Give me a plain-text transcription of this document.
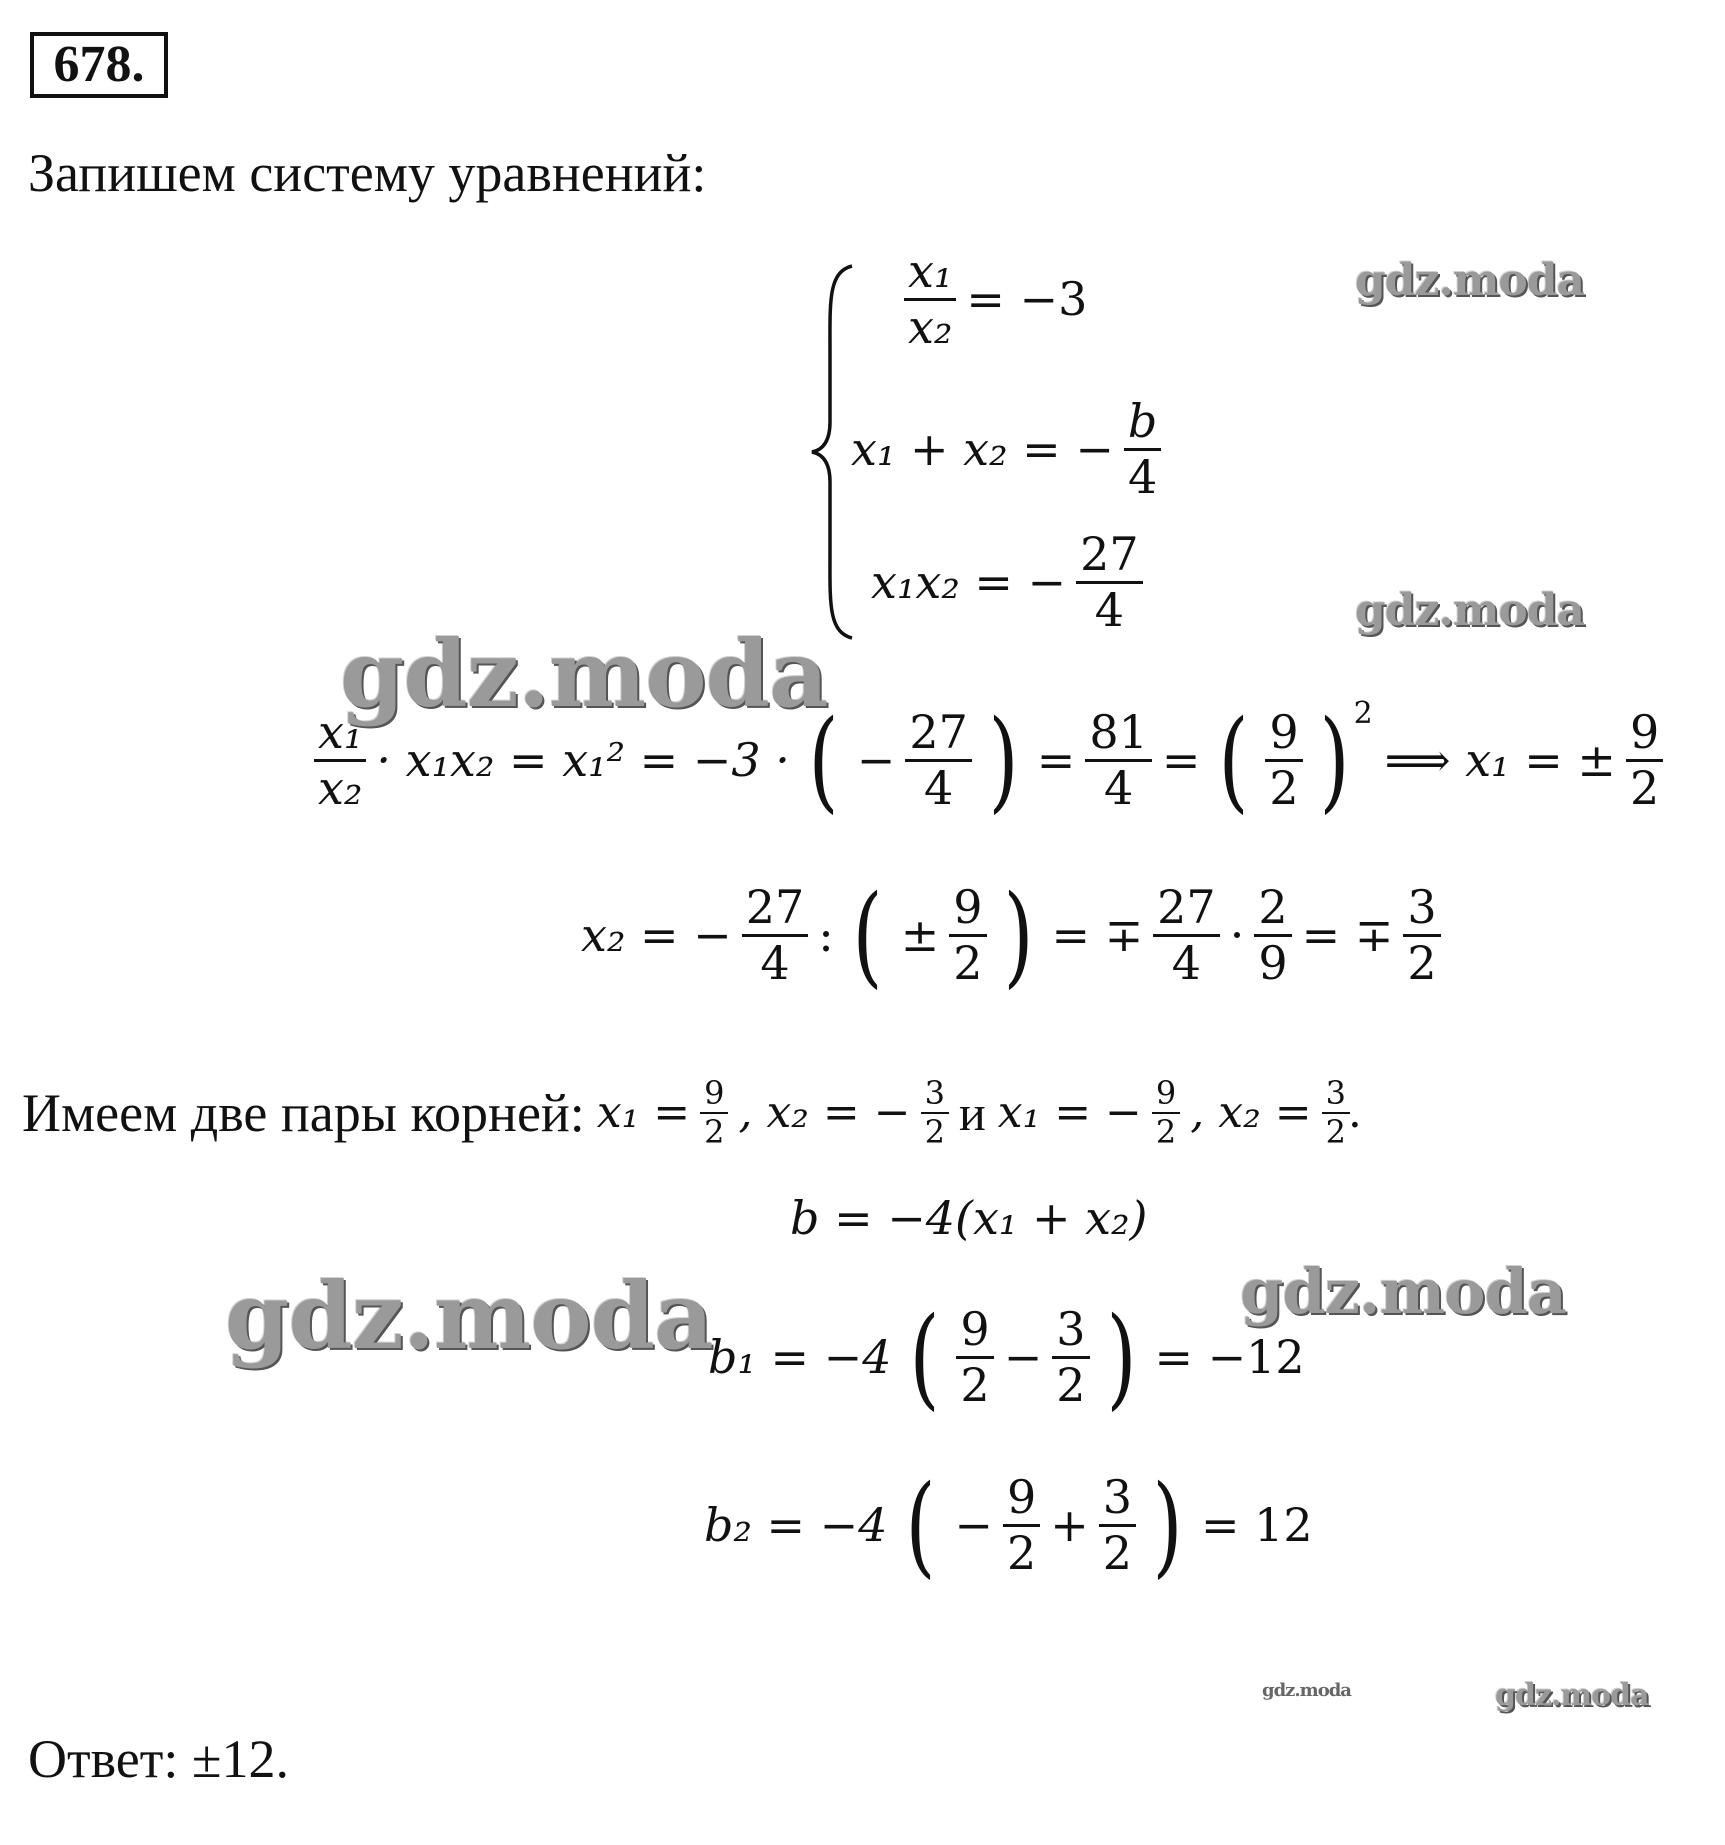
678.
Запишем систему уравнений:
$\frac{\text{x₁}}{\text{x₂}} = -3$
x₁ + x₂ = − $\frac{b}{4}$
x₁x₂ = − $\frac{27}{4}$
$\frac{\text{x₁}}{\text{x₂}} \cdot x_1x_2 = x_1^2 = -3$ · ( − $\frac{27}{4}$ ) = $\frac{81}{4}$ = ( $\frac{9}{2}$ ) 2
⟹ x₁ = ± $\frac{9}{2}$
x₂ = − $\frac{27}{4}$ : ( ± $\frac{9}{2}$ ) = ∓ $\frac{27}{4} \cdot \frac{2}{9}$ = ∓ $\frac{3}{2}$
Имеем две пары корней: $x_1 = \frac{9}{2}$ , x₂ = − $\frac{3}{2}$ и x₁ = − $\frac{9}{2}$ , $x_2 = \frac{3}{2}$
.
b = −4(x₁ + x₂)
b₁ = −4 ( $\frac{9}{2} - \frac{3}{2}$ ) = −12
b₂ = −4 ( − $\frac{9}{2} + \frac{3}{2}$ ) = 12
Ответ: ±12.
gdz.moda
gdz.moda
gdz.moda
gdz.moda	gdz.moda
gdz.moda	gdz.moda
